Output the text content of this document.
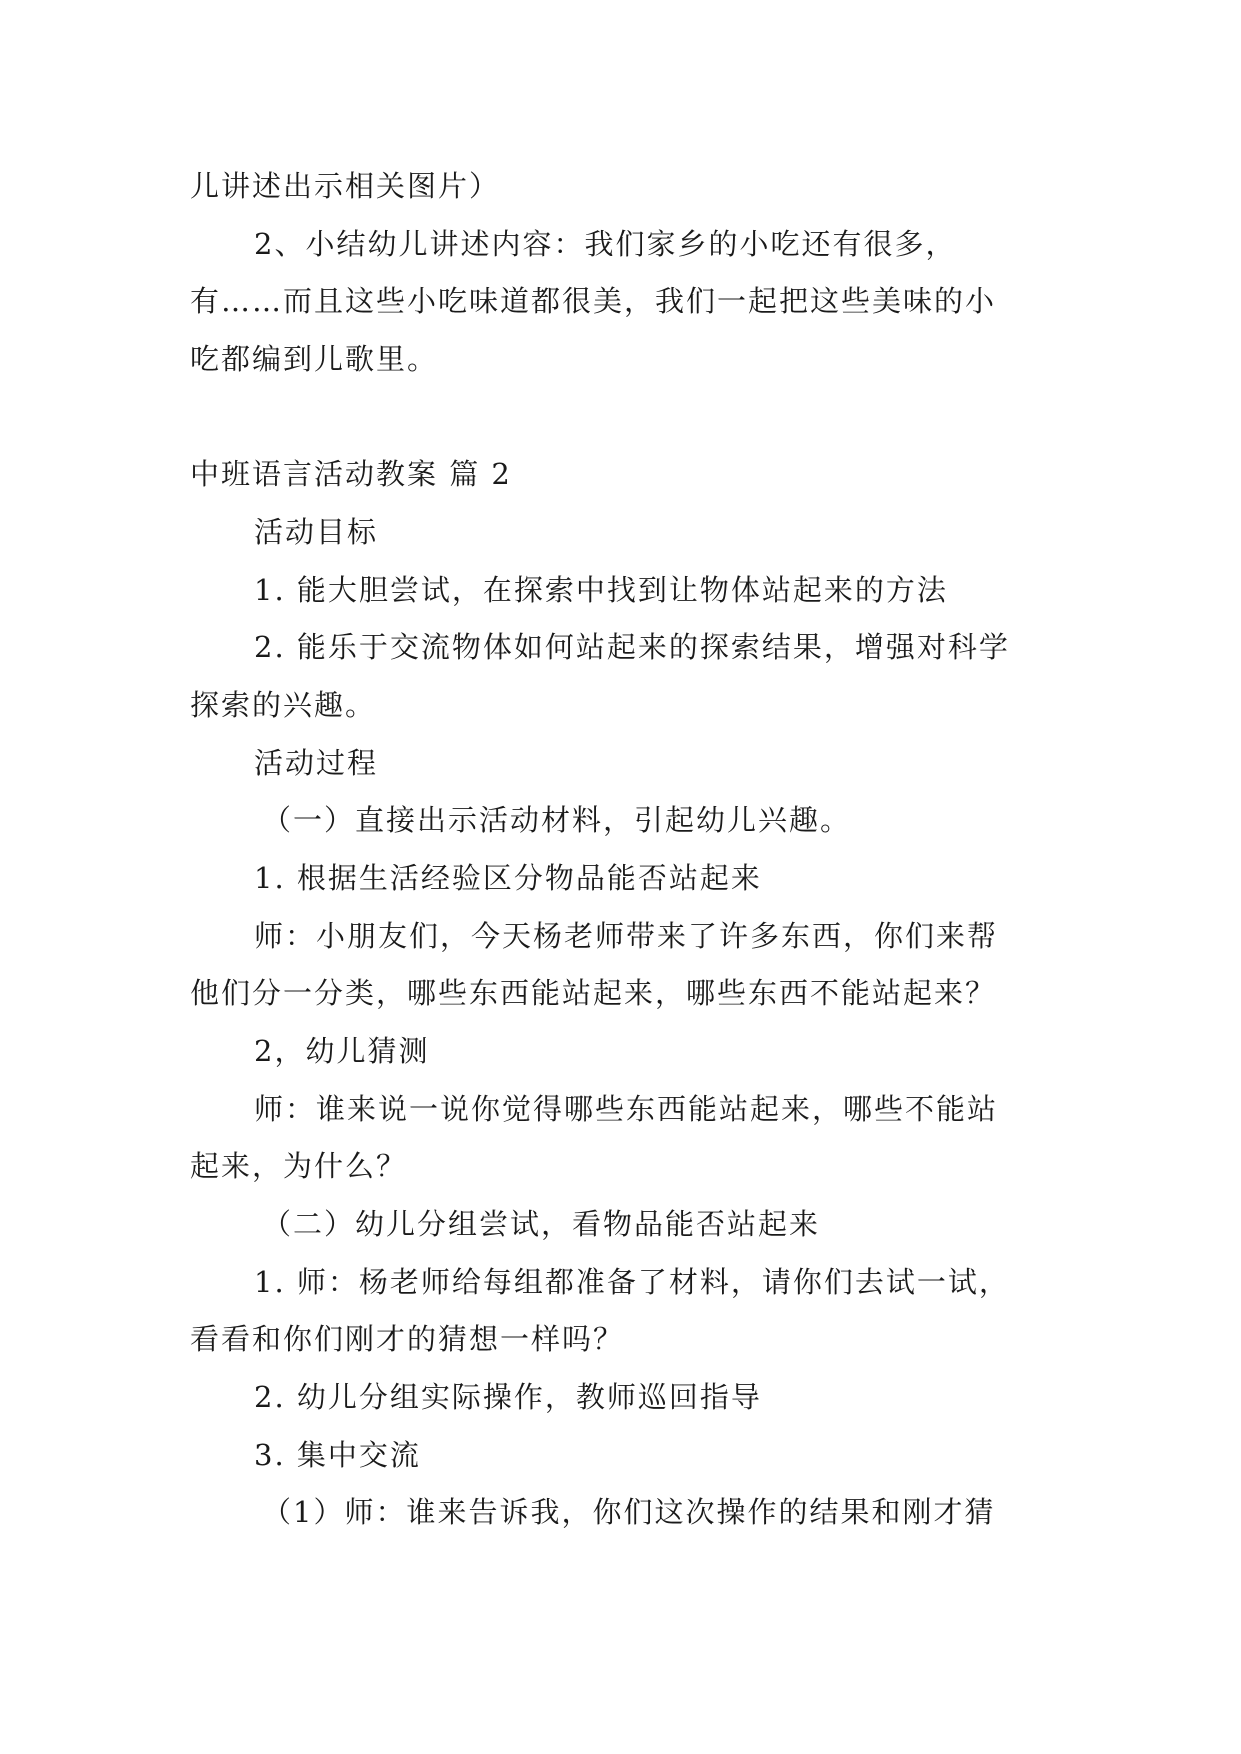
儿讲述出示相关图片）
2、小结幼儿讲述内容：我们家乡的小吃还有很多，
有……而且这些小吃味道都很美，我们一起把这些美味的小
吃都编到儿歌里。
中班语言活动教案 篇 2
活动目标
1. 能大胆尝试，在探索中找到让物体站起来的方法
2. 能乐于交流物体如何站起来的探索结果，增强对科学
探索的兴趣。
活动过程
（一）直接出示活动材料，引起幼儿兴趣。
1. 根据生活经验区分物品能否站起来
师：小朋友们，今天杨老师带来了许多东西，你们来帮
他们分一分类，哪些东西能站起来，哪些东西不能站起来？
2，幼儿猜测
师：谁来说一说你觉得哪些东西能站起来，哪些不能站
起来，为什么？
（二）幼儿分组尝试，看物品能否站起来
1. 师：杨老师给每组都准备了材料，请你们去试一试，
看看和你们刚才的猜想一样吗？
2. 幼儿分组实际操作，教师巡回指导
3. 集中交流
（1）师：谁来告诉我，你们这次操作的结果和刚才猜
